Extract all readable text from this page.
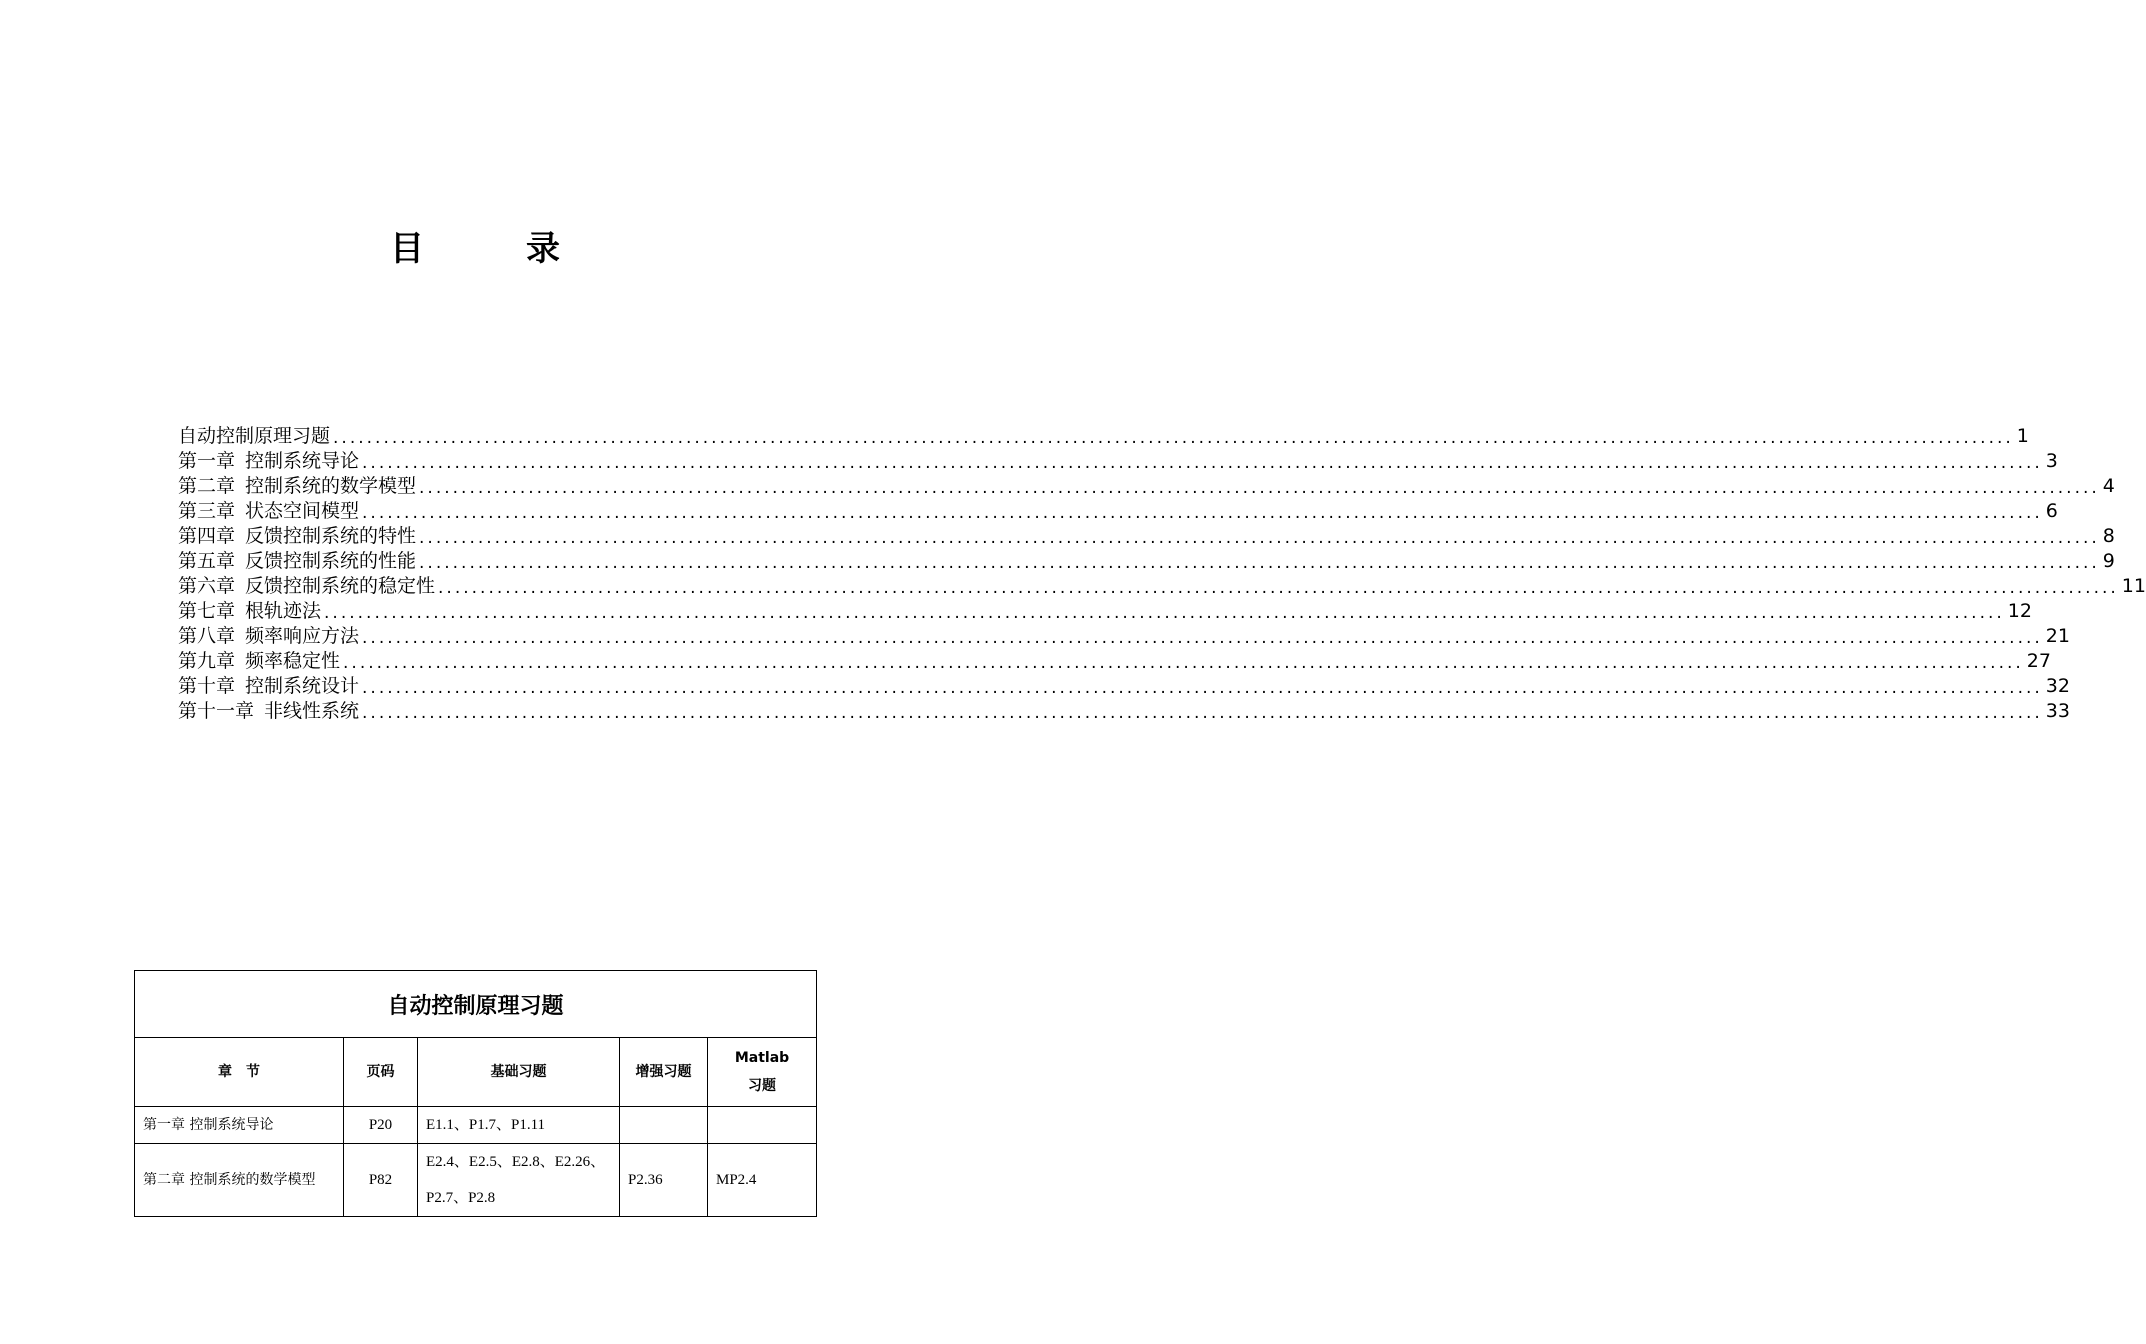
目　录
自动控制原理习题 ........................................................................................................................................................................................................ 1
第一章 控制系统导论 ........................................................................................................................................................................................................ 3
第二章 控制系统的数学模型 ........................................................................................................................................................................................................ 4
第三章 状态空间模型 ........................................................................................................................................................................................................ 6
第四章 反馈控制系统的特性 ........................................................................................................................................................................................................ 8
第五章 反馈控制系统的性能 ........................................................................................................................................................................................................ 9
第六章 反馈控制系统的稳定性 ........................................................................................................................................................................................................ 11
第七章 根轨迹法 ........................................................................................................................................................................................................ 12
第八章 频率响应方法 ........................................................................................................................................................................................................ 21
第九章 频率稳定性 ........................................................................................................................................................................................................ 27
第十章 控制系统设计 ........................................................................................................................................................................................................ 32
第十一章 非线性系统 ........................................................................................................................................................................................................ 33
自动控制原理习题				
章　节	页码	基础习题	增强习题	Matlab
习题

第一章 控制系统导论	P20	E1.1、P1.7、P1.11		
第二章 控制系统的数学模型	P82	E2.4、E2.5、E2.8、E2.26、P2.7、P2.8	P2.36	MP2.4
